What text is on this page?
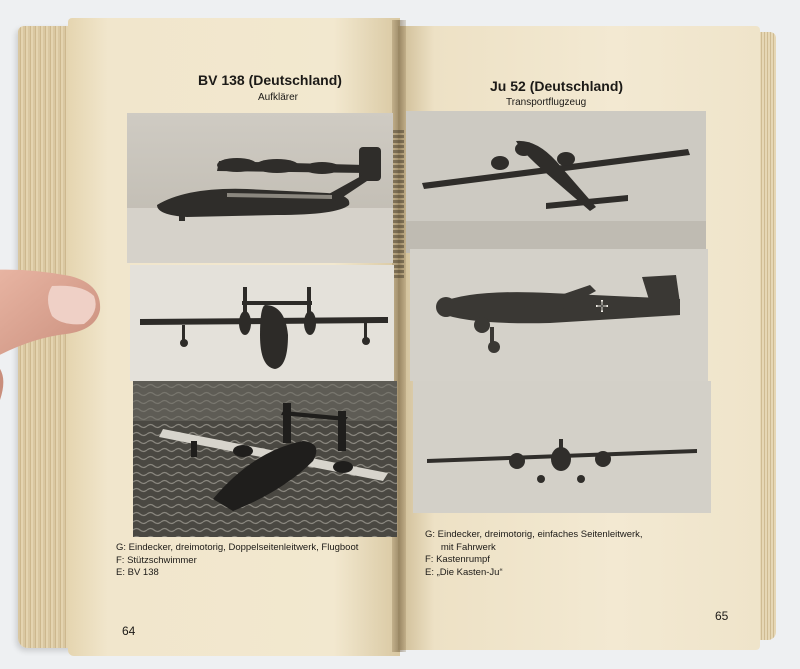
BV 138 (Deutschland)
Aufklärer
G: Eindecker, dreimotorig, Doppelseitenleitwerk, Flugboot
F: Stützschwimmer
E: BV 138
64
Ju 52 (Deutschland)
Transportflugzeug
G: Eindecker, dreimotorig, einfaches Seitenleitwerk,
mit Fahrwerk
F: Kastenrumpf
E: „Die Kasten-Ju“
65
